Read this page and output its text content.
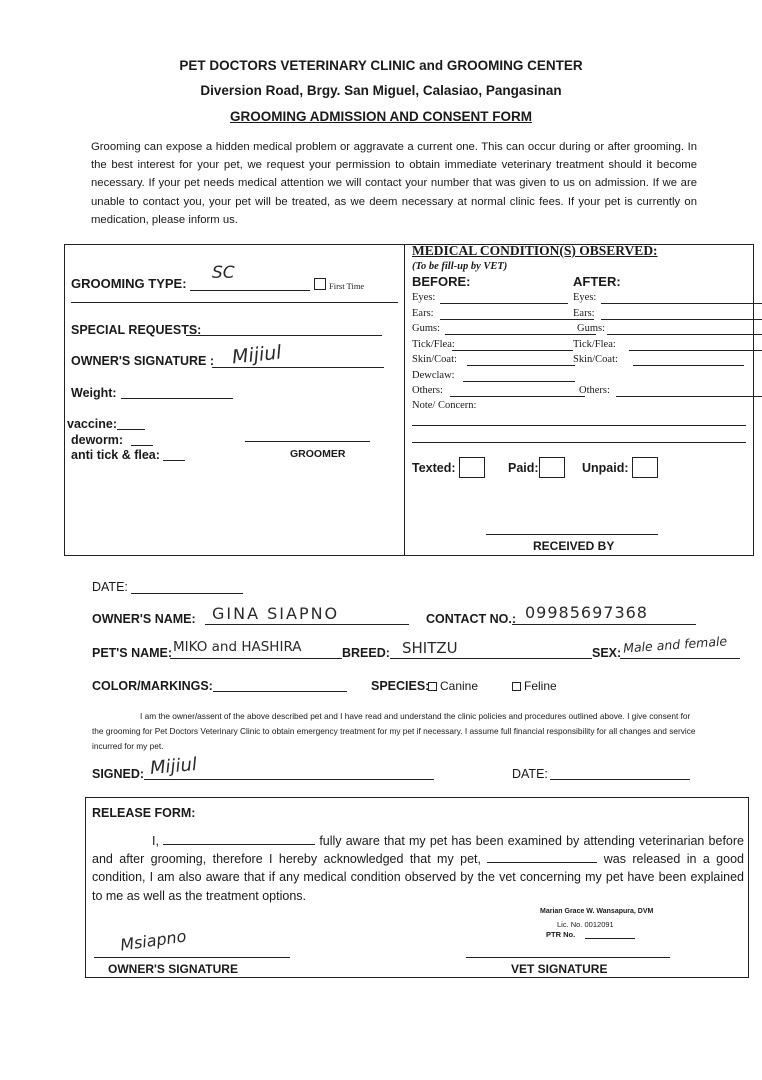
PET DOCTORS VETERINARY CLINIC and GROOMING CENTER
Diversion Road, Brgy. San Miguel, Calasiao, Pangasinan
GROOMING ADMISSION AND CONSENT FORM
Grooming can expose a hidden medical problem or aggravate a current one. This can occur during or after grooming. In the best interest for your pet, we request your permission to obtain immediate veterinary treatment should it become necessary. If your pet needs medical attention we will contact your number that was given to us on admission. If we are unable to contact you, your pet will be treated, as we deem necessary at normal clinic fees. If your pet is currently on medication, please inform us.
GROOMING TYPE:
SC
First Time
SPECIAL REQUESTS:
OWNER'S SIGNATURE : Mijiul
Weight:
vaccine:
deworm:
anti tick & flea:	GROOMER
MEDICAL CONDITION(S) OBSERVED:
(To be fill-up by VET)
BEFORE:	AFTER:
Eyes:	Eyes:
Ears:	Ears:
Gums:	Gums:
Tick/Flea:	Tick/Flea:
Skin/Coat:	Skin/Coat:
Dewclaw:
Others:	Others:
Note/ Concern:
Texted:	Paid:	Unpaid:
RECEIVED BY
DATE:
OWNER'S NAME: GINA SIAPNO	CONTACT NO.: 09985697368
PET'S NAME: MIKO and HASHIRA	BREED: SHITZU	SEX: Male and female
COLOR/MARKINGS:	SPECIES: Canine	Feline
I am the owner/assent of the above described pet and I have read and understand the clinic policies and procedures outlined above. I give consent for the grooming for Pet Doctors Veterinary Clinic to obtain emergency treatment for my pet if necessary. I assume full financial responsibility for all changes and service incurred for my pet.
SIGNED: Mijiul	DATE:
RELEASE FORM:
I,	fully aware that my pet has been examined by attending veterinarian before and after grooming, therefore I hereby acknowledged that my pet,	was released in a good condition, I am also aware that if any medical condition observed by the vet concerning my pet have been explained to me as well as the treatment options.
Marian Grace W. Wansapura, DVM
Lic. No. 0012091
PTR No.
Msiapno
OWNER'S SIGNATURE	VET SIGNATURE
